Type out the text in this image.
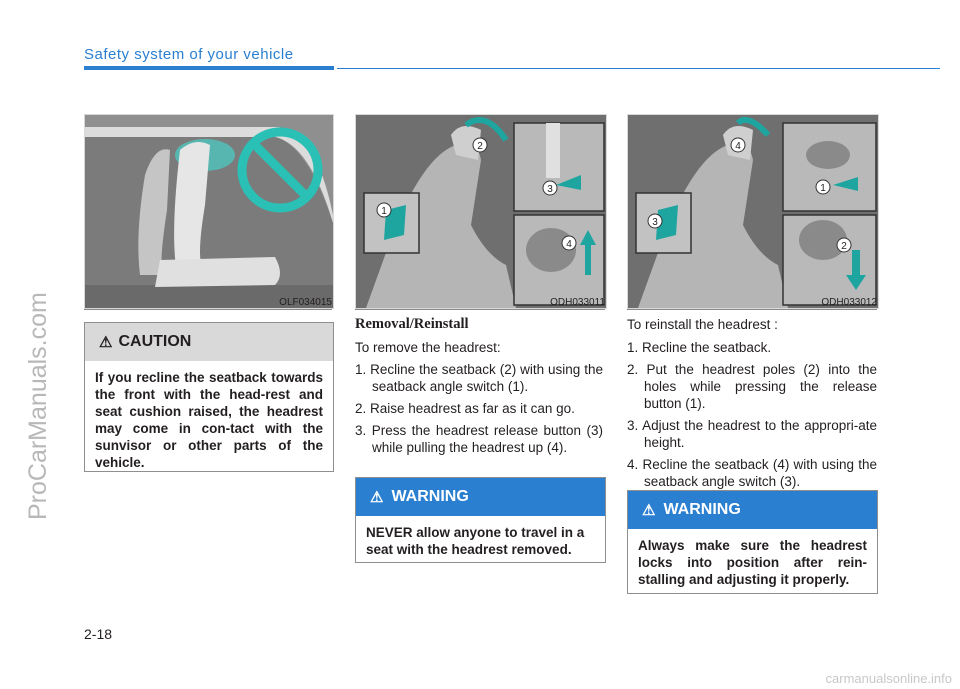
Safety system of your vehicle
ProCarManuals.com	OLF034015
⚠ CAUTION
If you recline the seatback towards the front with the head-rest and seat cushion raised, the headrest may come in con-tact with the sunvisor or other parts of the vehicle.
1
2
3
4
ODH033011
1
2
3
4
ODH033012
Removal/Reinstall
To remove the headrest:
1. Recline the seatback (2) with using the seatback angle switch (1).
2. Raise headrest as far as it can go.
3. Press the headrest release button (3) while pulling the headrest up (4).
⚠ WARNING
NEVER allow anyone to travel in a seat with the headrest removed.
To reinstall the headrest :
1. Recline the seatback.
2. Put the headrest poles (2) into the holes while pressing the release button (1).
3. Adjust the headrest to the appropri-ate height.
4. Recline the seatback (4) with using the seatback angle switch (3).
⚠ WARNING
Always make sure the headrest locks into position after rein-stalling and adjusting it properly.
2-18
carmanualsonline.info
